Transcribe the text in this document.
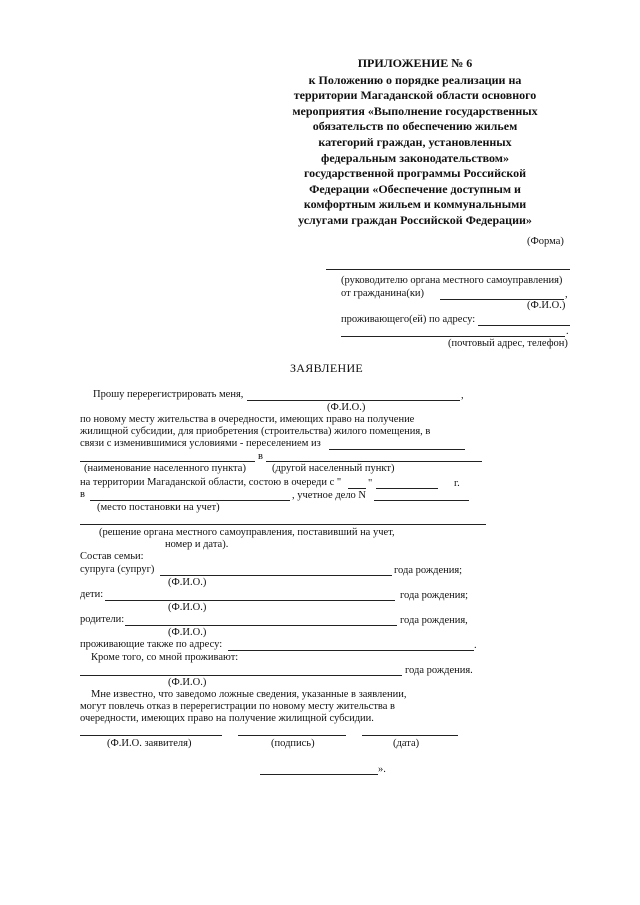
ПРИЛОЖЕНИЕ № 6
к Положению о порядке реализации на
территории Магаданской области основного
мероприятия «Выполнение государственных
обязательств по обеспечению жильем
категорий граждан, установленных
федеральным законодательством»
государственной программы Российской
Федерации «Обеспечение доступным и
комфортным жильем и коммунальными
услугами граждан Российской Федерации»
(Форма)
(руководителю органа местного самоуправления)
от гражданина(ки)	,
(Ф.И.О.)
проживающего(ей) по адресу:
.
(почтовый адрес, телефон)
ЗАЯВЛЕНИЕ
Прошу перерегистрировать меня,	,
(Ф.И.О.)
по новому месту жительства в очередности, имеющих право на получение
жилищной субсидии, для приобретения (строительства) жилого помещения, в
связи с изменившимися условиями - переселением из
в
(наименование населенного пункта) (другой населенный пункт)
на территории Магаданской области, состою в очереди с "	"	г.
в	, учетное дело N
(место постановки на учет)
(решение органа местного самоуправления, поставивший на учет,
номер и дата).
Состав семьи:
супруга (супруг)	года рождения;
(Ф.И.О.)
дети:	года рождения;
(Ф.И.О.)
родители:	года рождения,
(Ф.И.О.)
проживающие также по адресу:	.
Кроме того, со мной проживают:
года рождения.
(Ф.И.О.)
Мне известно, что заведомо ложные сведения, указанные в заявлении,
могут повлечь отказ в перерегистрации по новому месту жительства в
очередности, имеющих право на получение жилищной субсидии.
(Ф.И.О. заявителя)	(подпись)	(дата)
».
